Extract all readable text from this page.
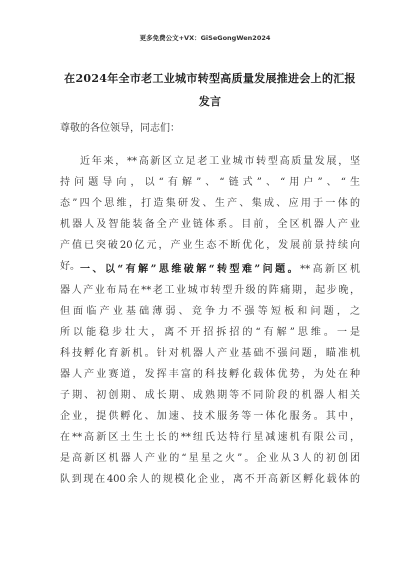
更多免费公文+VX：GiSeGongWen2024
在2024年全市老工业城市转型高质量发展推进会上的汇报
发言
尊敬的各位领导，同志们：
近年来，**高新区立足老工业城市转型高质量发展，坚
持问题导向，以“有解”、“链式”、“用户”、“生
态”四个思维，打造集研发、生产、集成、应用于一体的
机器人及智能装备全产业链体系。目前，全区机器人产业
产值已突破20亿元，产业生态不断优化，发展前景持续向
好。 一、以“有解”思维破解“转型难”问题。**高新区机
器人产业布局在**老工业城市转型升级的阵痛期，起步晚，
但面临产业基础薄弱、竞争力不强等短板和问题，之
所以能稳步壮大，离不开招拆招的“有解”思维。一是
科技孵化育新机。针对机器人产业基础不强问题，瞄准机
器人产业赛道，发挥丰富的科技孵化载体优势，为处在种
子期、初创期、成长期、成熟期等不同阶段的机器人相关
企业，提供孵化、加速、技术服务等一体化服务。其中，
在**高新区土生土长的**纽氏达特行星减速机有限公司，
是高新区机器人产业的“星星之火”。企业从3人的初创团
队到现在400余人的规模化企业，离不开高新区孵化载体的
